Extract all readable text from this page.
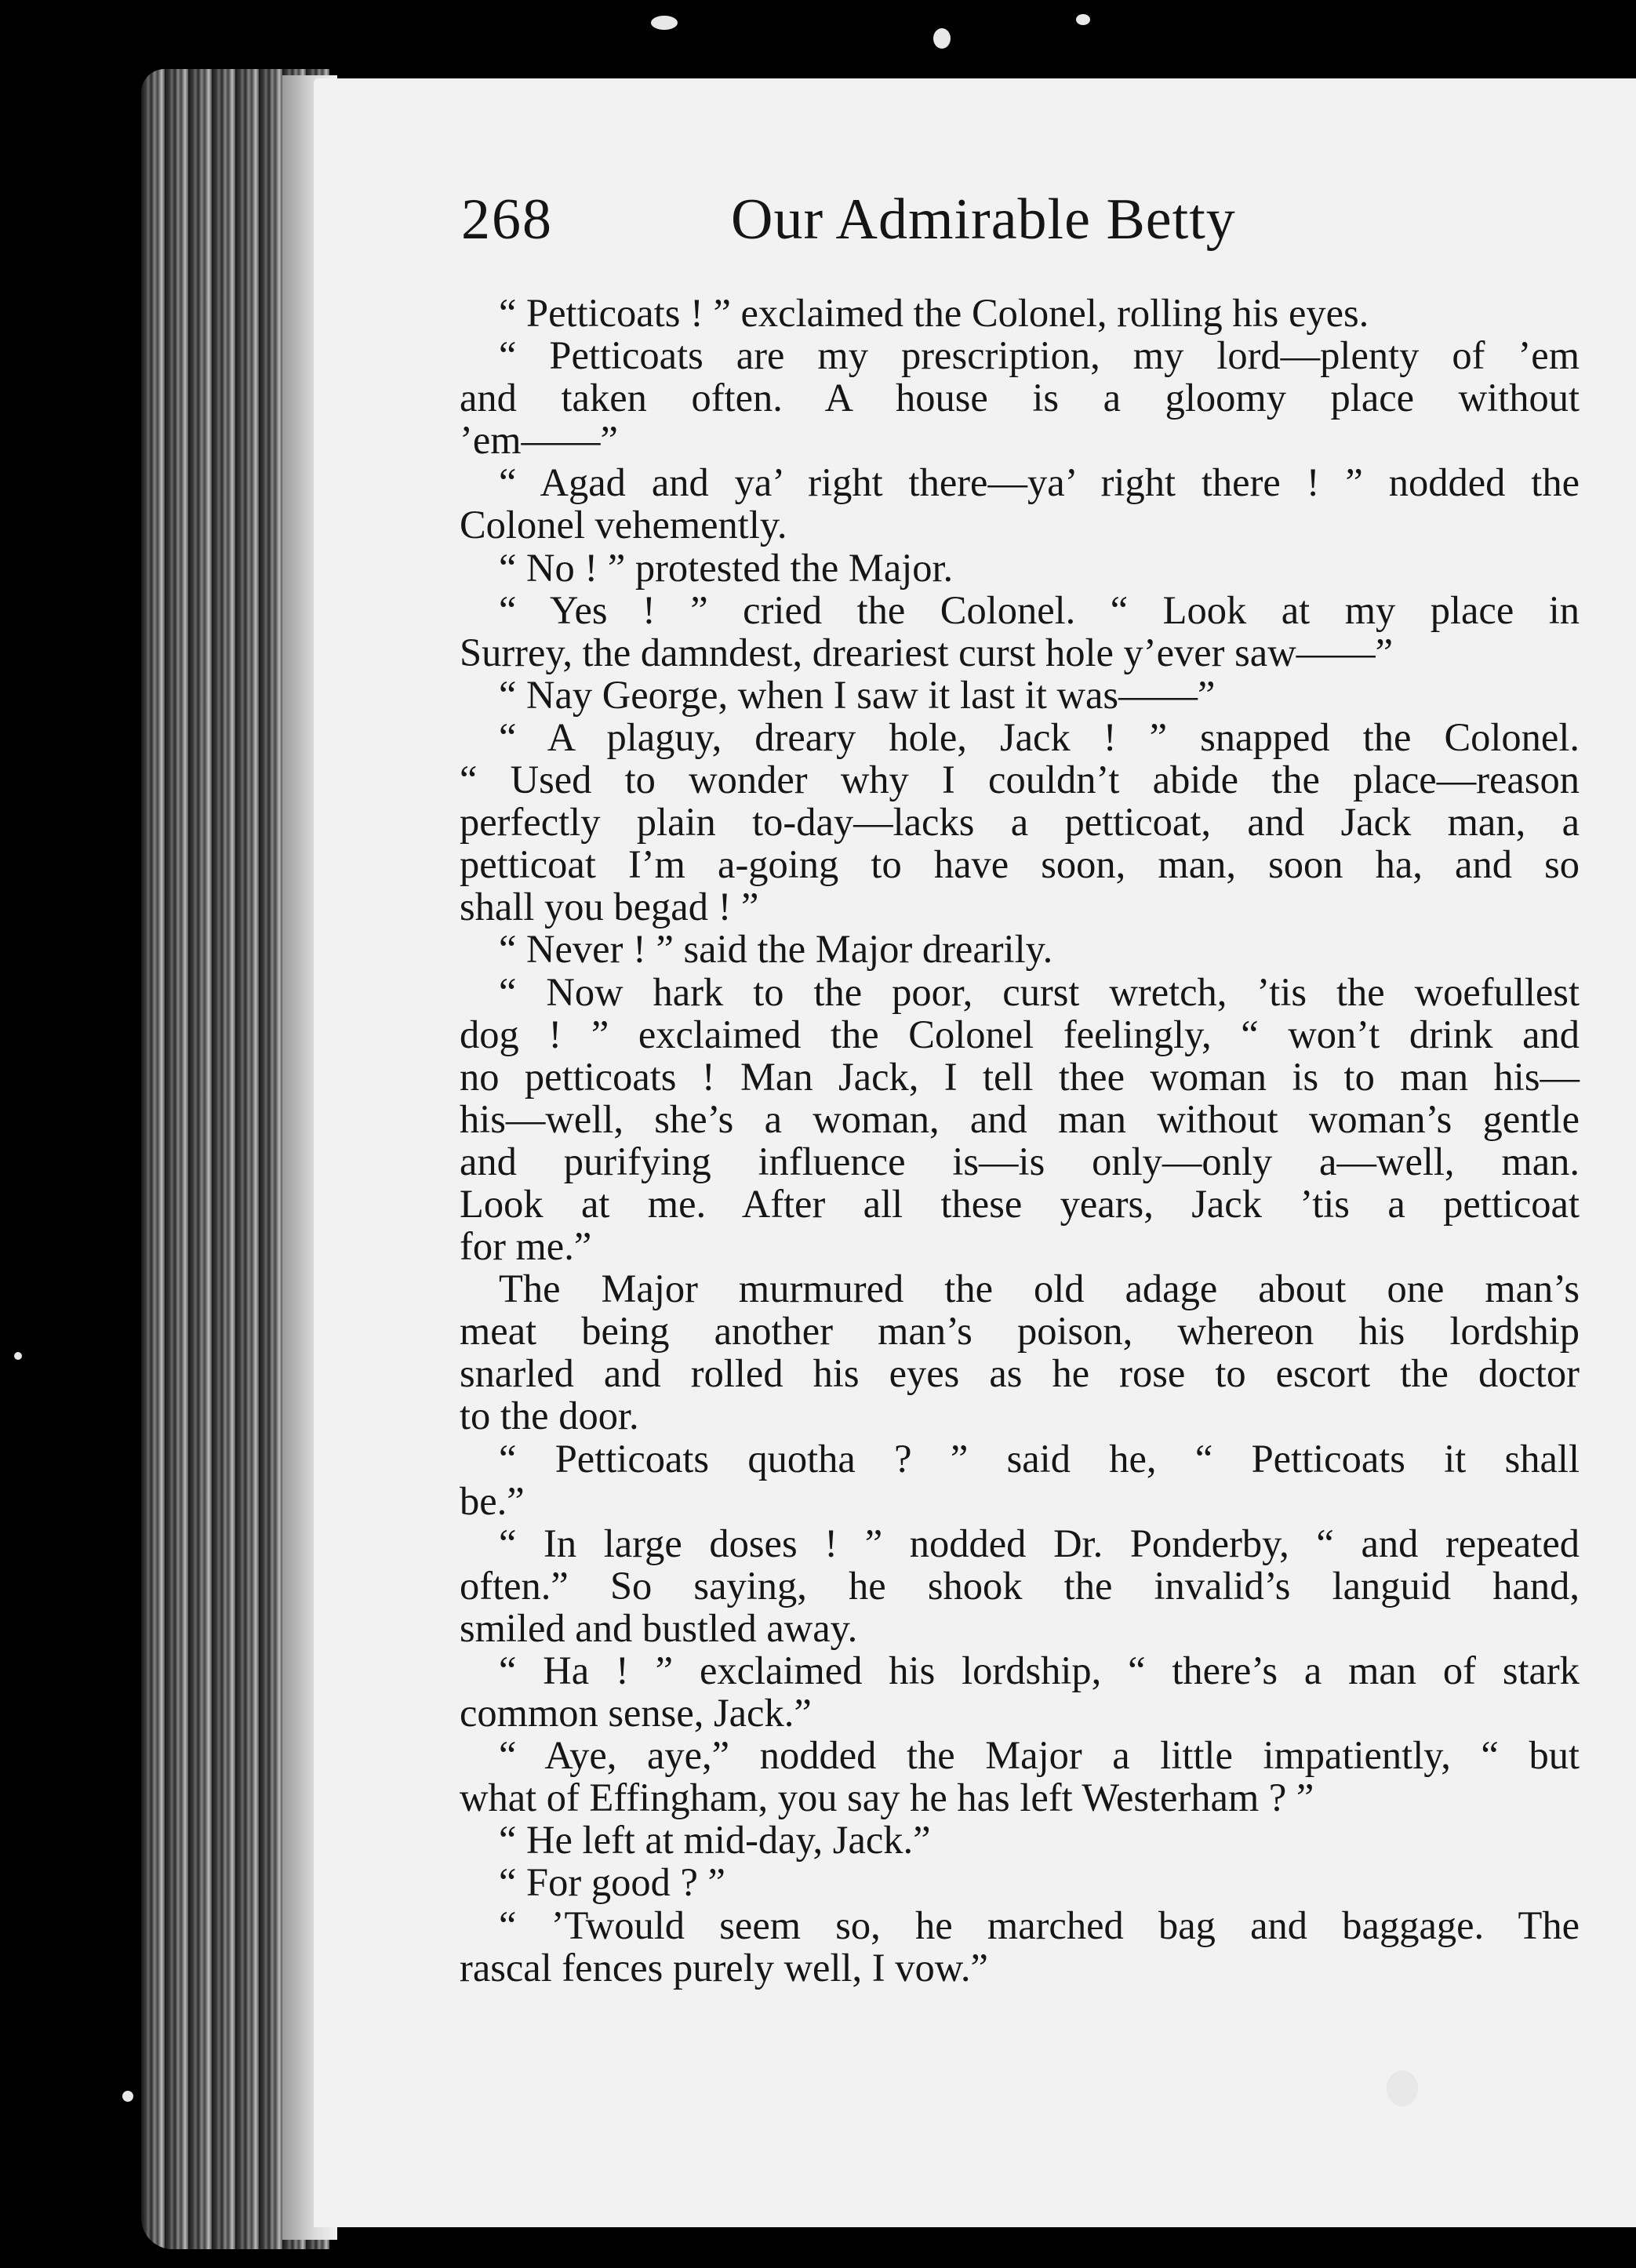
268	Our Admirable Betty
“ Petticoats ! ” exclaimed the Colonel, rolling his eyes.
“ Petticoats are my prescription, my lord—plenty of ’em
and taken often. A house is a gloomy place without
’em——”
“ Agad and ya’ right there—ya’ right there ! ” nodded the
Colonel vehemently.
“ No ! ” protested the Major.
“ Yes ! ” cried the Colonel. “ Look at my place in
Surrey, the damndest, dreariest curst hole y’ever saw——”
“ Nay George, when I saw it last it was——”
“ A plaguy, dreary hole, Jack ! ” snapped the Colonel.
“ Used to wonder why I couldn’t abide the place—reason
perfectly plain to-day—lacks a petticoat, and Jack man, a
petticoat I’m a-going to have soon, man, soon ha, and so
shall you begad ! ”
“ Never ! ” said the Major drearily.
“ Now hark to the poor, curst wretch, ’tis the woefullest
dog ! ” exclaimed the Colonel feelingly, “ won’t drink and
no petticoats ! Man Jack, I tell thee woman is to man his—
his—well, she’s a woman, and man without woman’s gentle
and purifying influence is—is only—only a—well, man.
Look at me. After all these years, Jack ’tis a petticoat
for me.”
The Major murmured the old adage about one man’s
meat being another man’s poison, whereon his lordship
snarled and rolled his eyes as he rose to escort the doctor
to the door.
“ Petticoats quotha ? ” said he, “ Petticoats it shall
be.”
“ In large doses ! ” nodded Dr. Ponderby, “ and repeated
often.” So saying, he shook the invalid’s languid hand,
smiled and bustled away.
“ Ha ! ” exclaimed his lordship, “ there’s a man of stark
common sense, Jack.”
“ Aye, aye,” nodded the Major a little impatiently, “ but
what of Effingham, you say he has left Westerham ? ”
“ He left at mid-day, Jack.”
“ For good ? ”
“ ’Twould seem so, he marched bag and baggage. The
rascal fences purely well, I vow.”
